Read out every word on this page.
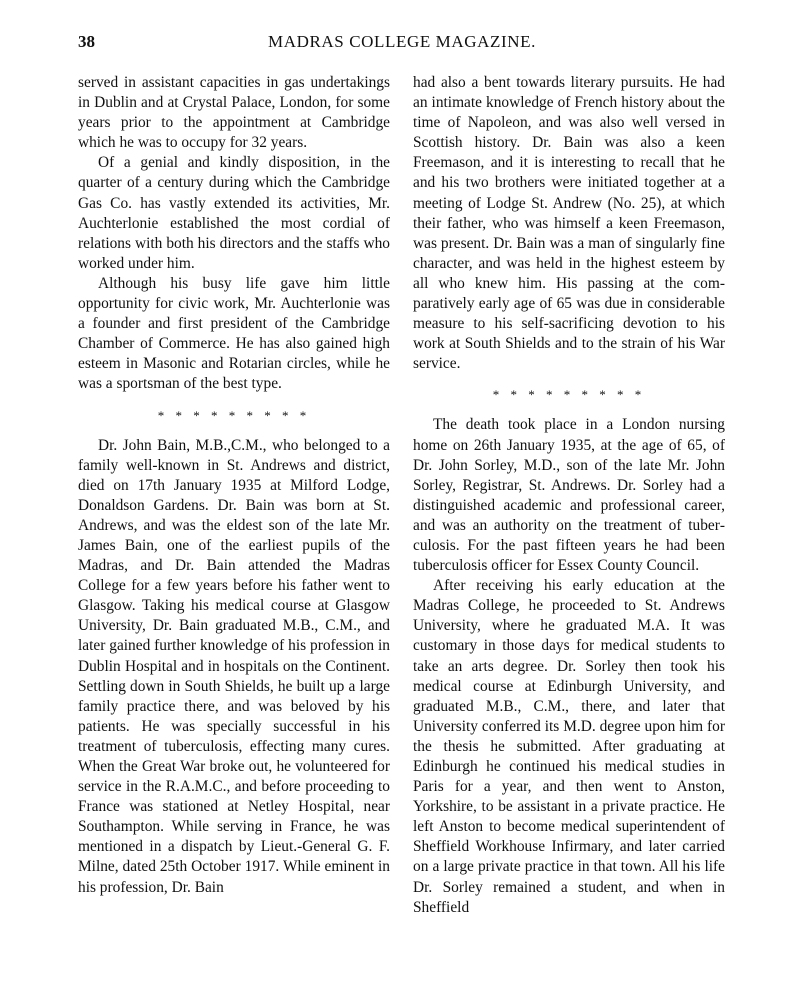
38	MADRAS COLLEGE MAGAZINE.

served in assistant capacities in gas undertakings in Dublin and at Crystal Palace, London, for some years prior to the appointment at Cambridge which he was to occupy for 32 years.

Of a genial and kindly disposition, in the quarter of a century during which the Cambridge Gas Co. has vastly extended its activities, Mr. Auchterlonie established the most cordial of relations with both his directors and the staffs who worked under him.

Although his busy life gave him little opportunity for civic work, Mr. Auchterlonie was a founder and first president of the Cambridge Chamber of Commerce. He has also gained high esteem in Masonic and Rotarian circles, while he was a sportsman of the best type.

* * * * * * * * *

Dr. John Bain, M.B.,C.M., who belonged to a family well-known in St. Andrews and district, died on 17th January 1935 at Milford Lodge, Donaldson Gardens. Dr. Bain was born at St. Andrews, and was the eldest son of the late Mr. James Bain, one of the earliest pupils of the Madras, and Dr. Bain attended the Madras College for a few years before his father went to Glasgow. Taking his medical course at Glasgow University, Dr. Bain graduated M.B., C.M., and later gained further knowledge of his profession in Dublin Hospital and in hospitals on the Continent. Settling down in South Shields, he built up a large family practice there, and was beloved by his patients. He was specially successful in his treatment of tuberculosis, effecting many cures. When the Great War broke out, he volunteered for service in the R.A.M.C., and before proceeding to France was stationed at Netley Hospital, near Southampton. While serving in France, he was mentioned in a dispatch by Lieut.-General G. F. Milne, dated 25th October 1917. While eminent in his profession, Dr. Bain

had also a bent towards literary pursuits. He had an intimate knowledge of French history about the time of Napoleon, and was also well versed in Scottish history. Dr. Bain was also a keen Freemason, and it is interesting to recall that he and his two brothers were initiated together at a meeting of Lodge St. Andrew (No. 25), at which their father, who was himself a keen Freemason, was present. Dr. Bain was a man of singularly fine character, and was held in the highest esteem by all who knew him. His passing at the comparatively early age of 65 was due in considerable measure to his self-sacrificing devotion to his work at South Shields and to the strain of his War service.

* * * * * * * * *

The death took place in a London nursing home on 26th January 1935, at the age of 65, of Dr. John Sorley, M.D., son of the late Mr. John Sorley, Registrar, St. Andrews. Dr. Sorley had a distinguished academic and professional career, and was an authority on the treatment of tuberculosis. For the past fifteen years he had been tuberculosis officer for Essex County Council.

After receiving his early education at the Madras College, he proceeded to St. Andrews University, where he graduated M.A. It was customary in those days for medical students to take an arts degree. Dr. Sorley then took his medical course at Edinburgh University, and graduated M.B., C.M., there, and later that University conferred its M.D. degree upon him for the thesis he submitted. After graduating at Edinburgh he continued his medical studies in Paris for a year, and then went to Anston, Yorkshire, to be assistant in a private practice. He left Anston to become medical superintendent of Sheffield Workhouse Infirmary, and later carried on a large private practice in that town. All his life Dr. Sorley remained a student, and when in Sheffield
